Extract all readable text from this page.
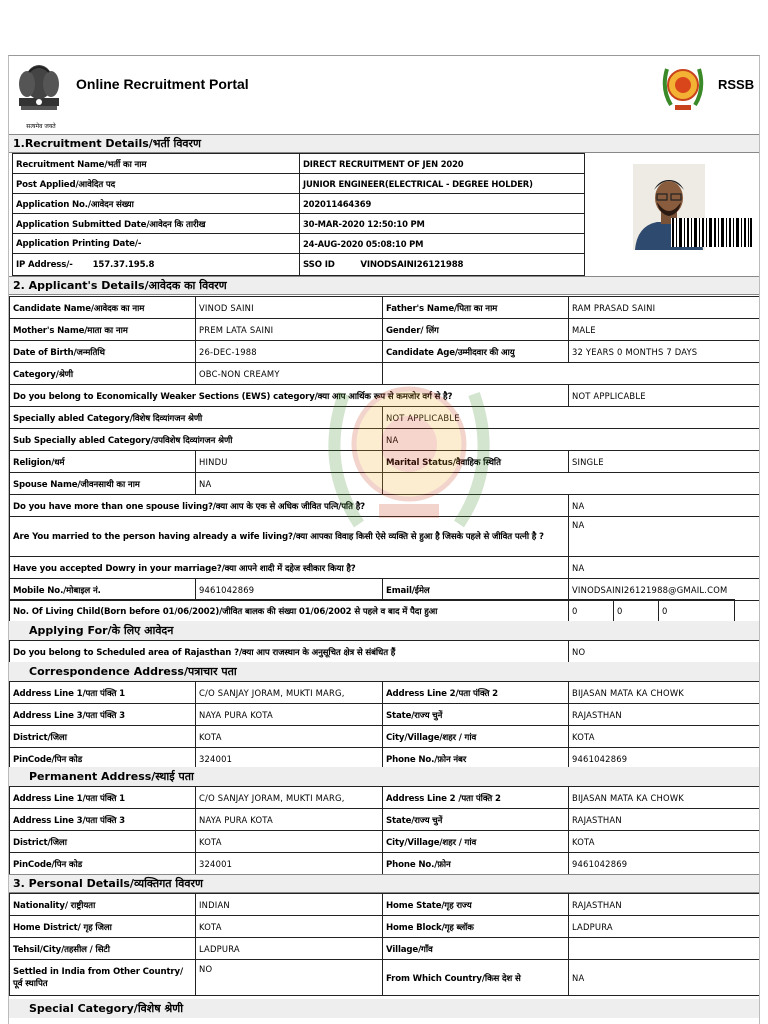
सत्यमेव जयते
Online Recruitment Portal	RSSB
1.Recruitment Details/भर्ती विवरण
Recruitment Name/भर्ती का नाम	DIRECT RECRUITMENT OF JEN 2020
Post Applied/आवेदित पद	JUNIOR ENGINEER(ELECTRICAL - DEGREE HOLDER)
Application No./आवेदन संख्या	202011464369
Application Submitted Date/आवेदन कि तारीख	30-MAR-2020 12:50:10 PM
Application Printing Date/-	24-AUG-2020 05:08:10 PM
IP Address/- 157.37.195.8	SSO ID VINODSAINI26121988
2. Applicant's Details/आवेदक का विवरण
Candidate Name/आवेदक का नाम	VINOD SAINI	Father's Name/पिता का नाम	RAM PRASAD SAINI
Mother's Name/माता का नाम	PREM LATA SAINI	Gender/ लिंग	MALE
Date of Birth/जन्मतिथि	26-DEC-1988	Candidate Age/उम्मीदवार की आयु	32 YEARS 0 MONTHS 7 DAYS
Category/श्रेणी	OBC-NON CREAMY		
Do you belong to Economically Weaker Sections (EWS) category/क्या आप आर्थिक रूप से कमजोर वर्ग से है?			NOT APPLICABLE
Specially abled Category/विशेष दिव्यांगजन श्रेणी		NOT APPLICABLE	
Sub Specially abled Category/उपविशेष दिव्यांगजन श्रेणी		NA	
Religion/धर्म	HINDU	Marital Status/वैवाहिक स्थिति	SINGLE
Spouse Name/जीवनसाथी का नाम	NA		
Do you have more than one spouse living?/क्या आप के एक से अधिक जीवित पत्नि/पति है?			NA
Are You married to the person having already a wife living?/क्या आपका विवाह किसी ऐसे व्यक्ति से हुआ है जिसके पहले से जीवित पत्नी है ?			NA
Have you accepted Dowry in your marriage?/क्या आपने शादी में दहेज स्वीकार किया है?			NA
Mobile No./मोबाइल नं.	9461042869	Email/ईमेल	VINODSAINI26121988@GMAIL.COM
No. Of Living Child(Born before 01/06/2002)/जीवित बालक की संख्या 01/06/2002 से पहले व बाद में पैदा हुआ	0	0	0	
Applying For/के लिए आवेदन
Do you belong to Scheduled area of Rajasthan ?/क्या आप राजस्थान के अनुसूचित क्षेत्र से संबंधित हैं	NO
Correspondence Address/पत्राचार पता
Address Line 1/पता पंक्ति 1	C/O SANJAY JORAM, MUKTI MARG,	Address Line 2/पता पंक्ति 2	BIJASAN MATA KA CHOWK
Address Line 3/पता पंक्ति 3	NAYA PURA KOTA	State/राज्य चुनें	RAJASTHAN
District/जिला	KOTA	City/Village/शहर / गांव	KOTA
PinCode/पिन कोड	324001	Phone No./फ़ोन नंबर	9461042869
Permanent Address/स्थाई पता
Address Line 1/पता पंक्ति 1	C/O SANJAY JORAM, MUKTI MARG,	Address Line 2 /पता पंक्ति 2	BIJASAN MATA KA CHOWK
Address Line 3/पता पंक्ति 3	NAYA PURA KOTA	State/राज्य चुनें	RAJASTHAN
District/जिला	KOTA	City/Village/शहर / गांव	KOTA
PinCode/पिन कोड	324001	Phone No./फ़ोन	9461042869
3. Personal Details/व्यक्तिगत विवरण
Nationality/ राष्ट्रीयता	INDIAN	Home State/गृह राज्य	RAJASTHAN
Home District/ गृह जिला	KOTA	Home Block/गृह ब्लॉक	LADPURA
Tehsil/City/तहसील / सिटी	LADPURA	Village/गाँव	
Settled in India from Other Country/पूर्व स्थापित	NO	From Which Country/किस देश से	NA
Special Category/विशेष श्रेणी
